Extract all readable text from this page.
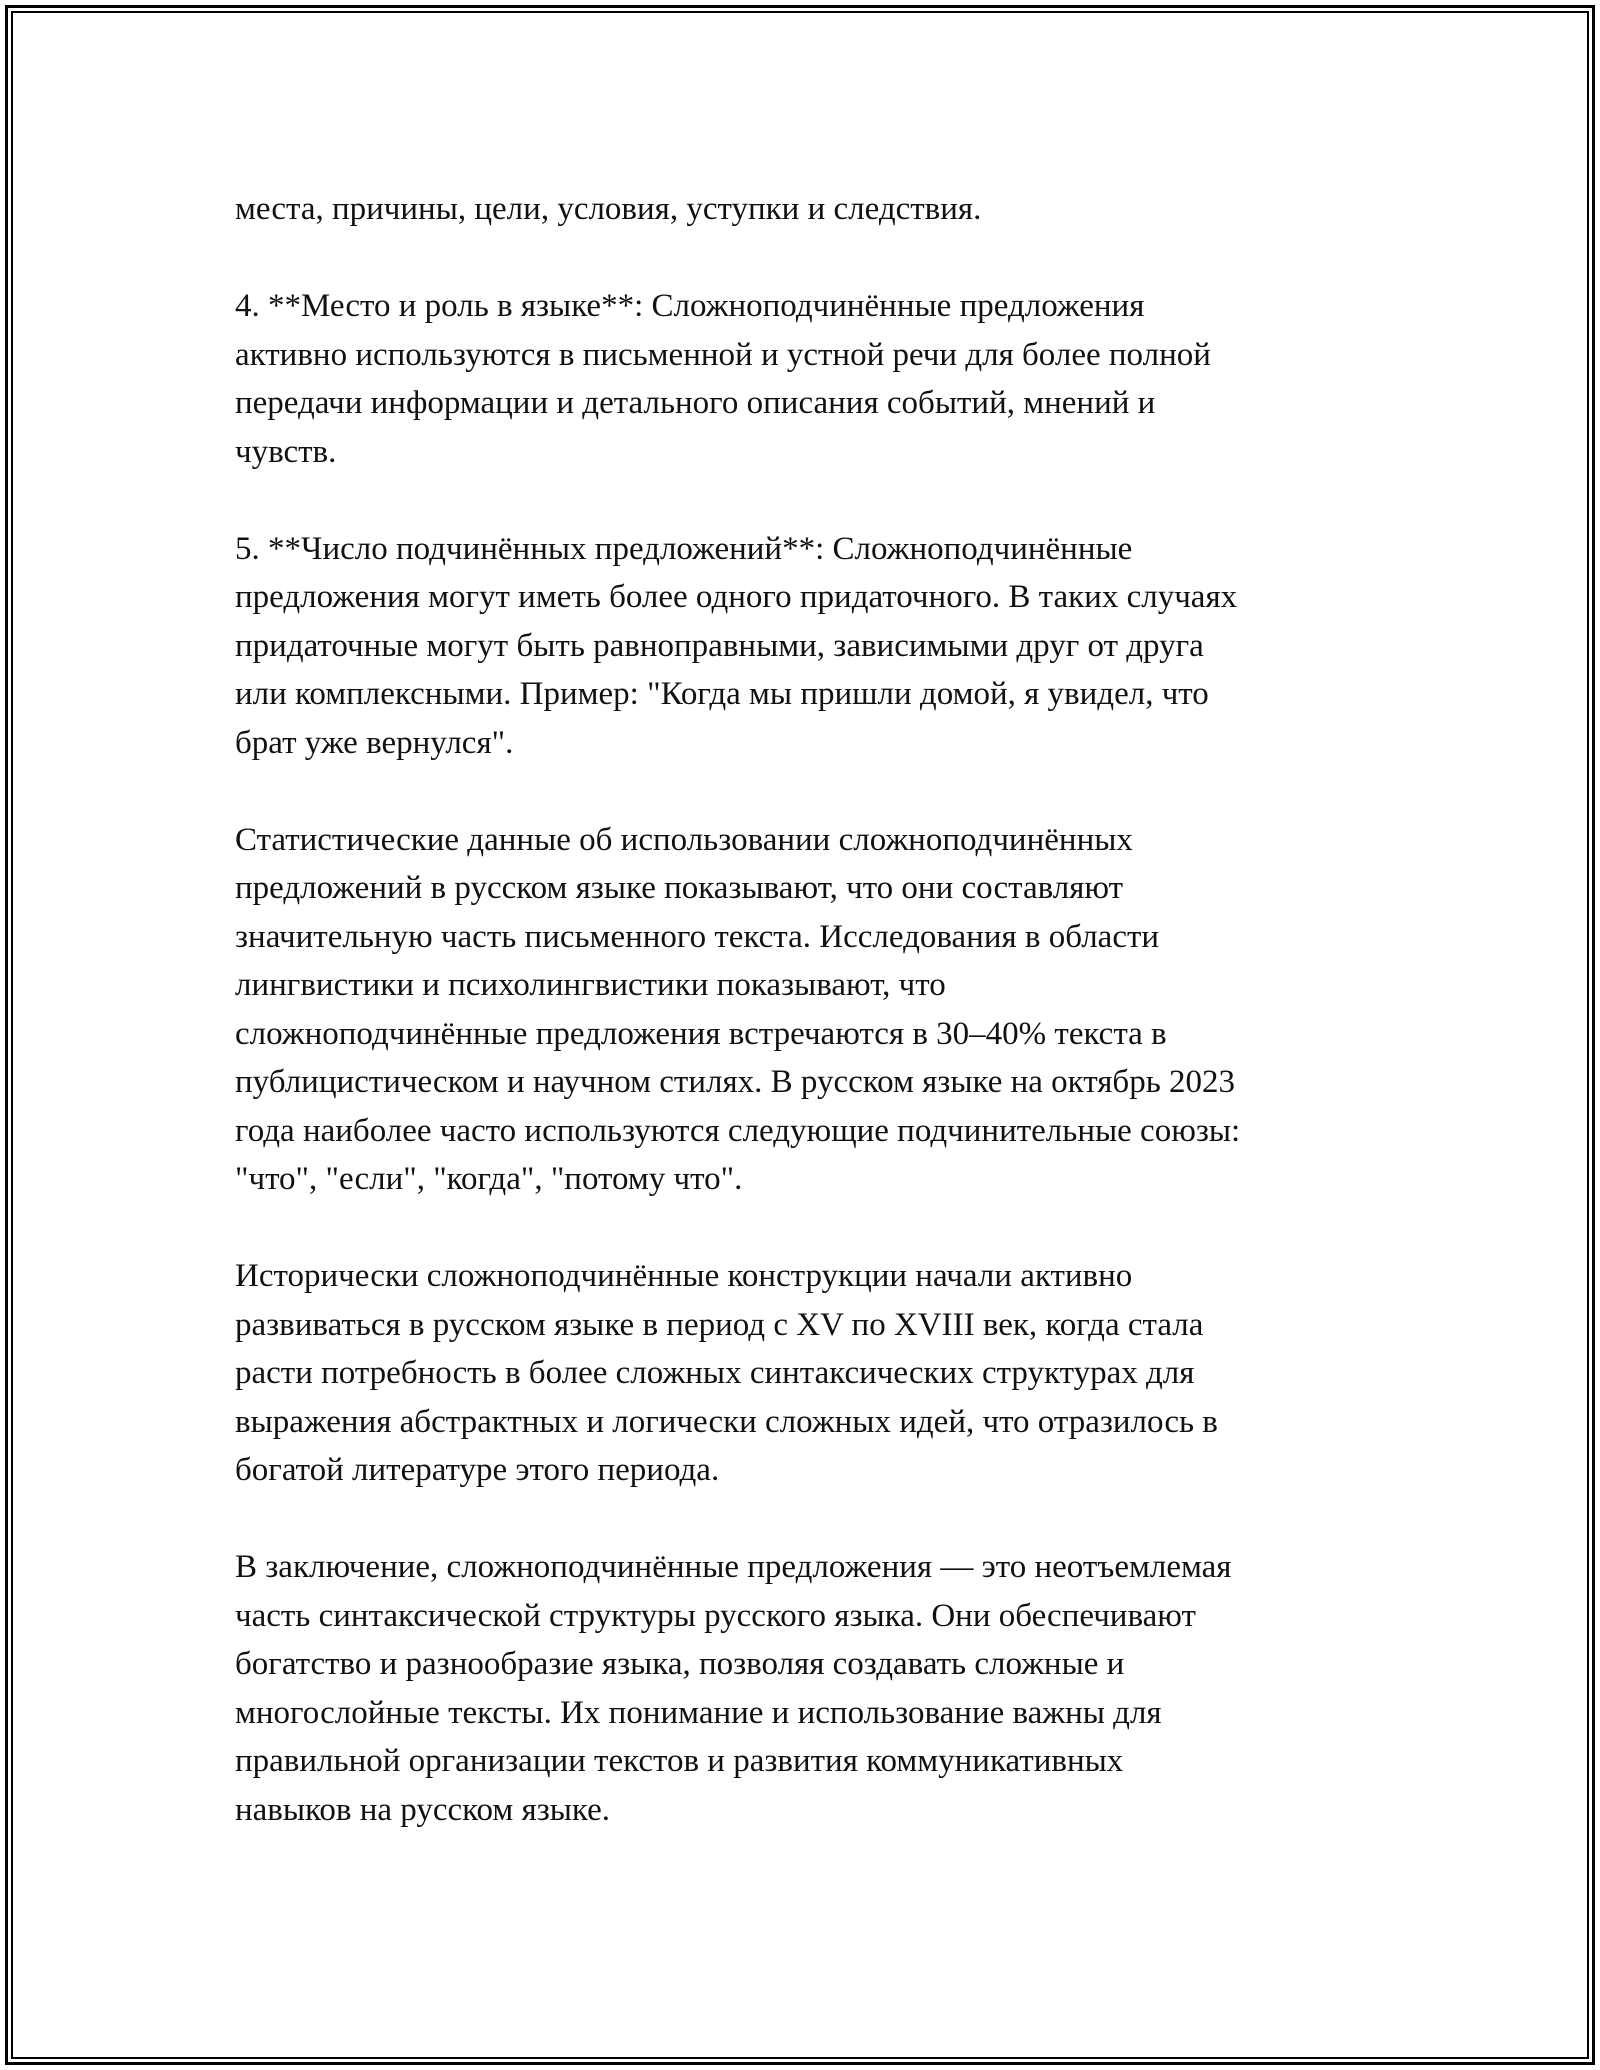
места, причины, цели, условия, уступки и следствия.

4. **Место и роль в языке**: Сложноподчинённые предложения
активно используются в письменной и устной речи для более полной
передачи информации и детального описания событий, мнений и
чувств.

5. **Число подчинённых предложений**: Сложноподчинённые
предложения могут иметь более одного придаточного. В таких случаях
придаточные могут быть равноправными, зависимыми друг от друга
или комплексными. Пример: "Когда мы пришли домой, я увидел, что
брат уже вернулся".

Статистические данные об использовании сложноподчинённых
предложений в русском языке показывают, что они составляют
значительную часть письменного текста. Исследования в области
лингвистики и психолингвистики показывают, что
сложноподчинённые предложения встречаются в 30–40% текста в
публицистическом и научном стилях. В русском языке на октябрь 2023
года наиболее часто используются следующие подчинительные союзы:
"что", "если", "когда", "потому что".

Исторически сложноподчинённые конструкции начали активно
развиваться в русском языке в период с XV по XVIII век, когда стала
расти потребность в более сложных синтаксических структурах для
выражения абстрактных и логически сложных идей, что отразилось в
богатой литературе этого периода.

В заключение, сложноподчинённые предложения — это неотъемлемая
часть синтаксической структуры русского языка. Они обеспечивают
богатство и разнообразие языка, позволяя создавать сложные и
многослойные тексты. Их понимание и использование важны для
правильной организации текстов и развития коммуникативных
навыков на русском языке.
